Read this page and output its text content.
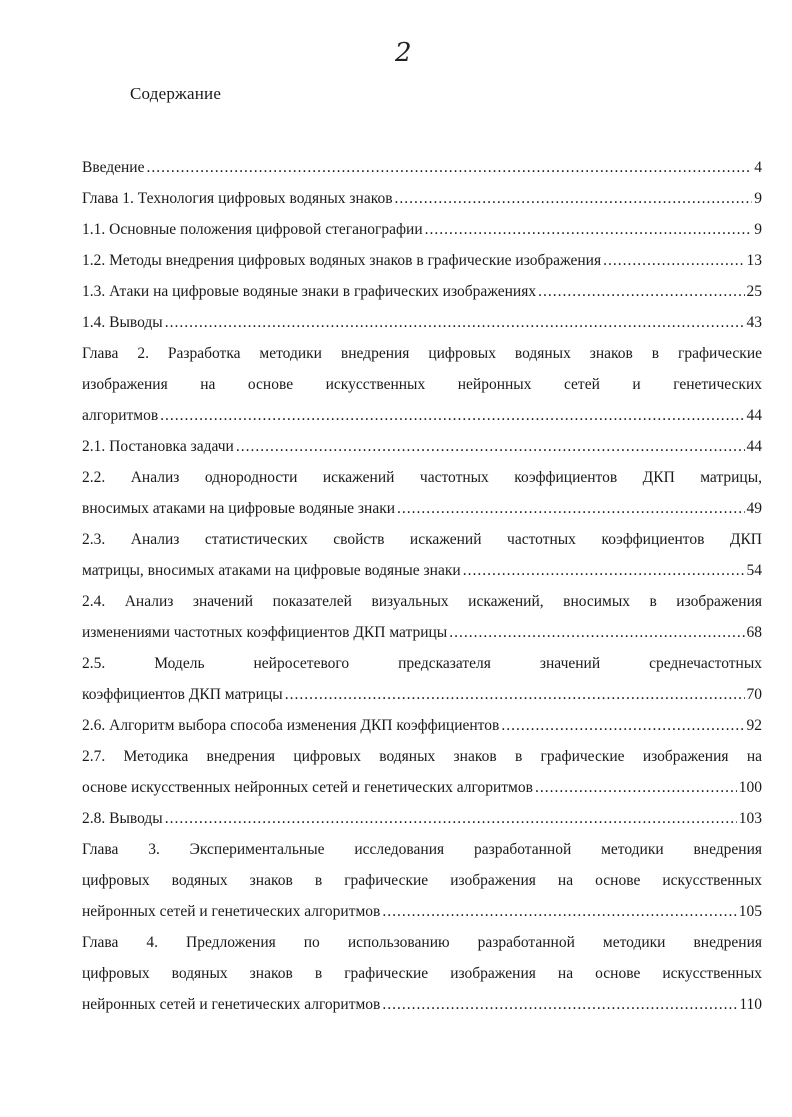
2
Содержание
Введение .....	4
Глава 1. Технология цифровых водяных знаков .....	9
1.1. Основные положения цифровой стеганографии .....	9
1.2. Методы внедрения цифровых водяных знаков в графические изображения .....	13
1.3. Атаки на цифровые водяные знаки в графических изображениях .....	25
1.4. Выводы .....	43
Глава 2. Разработка методики внедрения цифровых водяных знаков в графические
изображения на основе искусственных нейронных сетей и генетических
алгоритмов .....	44
2.1. Постановка задачи .....	44
2.2. Анализ однородности искажений частотных коэффициентов ДКП матрицы,
вносимых атаками на цифровые водяные знаки .....	49
2.3. Анализ статистических свойств искажений частотных коэффициентов ДКП
матрицы, вносимых атаками на цифровые водяные знаки .....	54
2.4. Анализ значений показателей визуальных искажений, вносимых в изображения
изменениями частотных коэффициентов ДКП матрицы .....	68
2.5. Модель нейросетевого предсказателя значений среднечастотных
коэффициентов ДКП матрицы .....	70
2.6. Алгоритм выбора способа изменения ДКП коэффициентов .....	92
2.7. Методика внедрения цифровых водяных знаков в графические изображения на
основе искусственных нейронных сетей и генетических алгоритмов .....	100
2.8. Выводы .....	103
Глава 3. Экспериментальные исследования разработанной методики внедрения
цифровых водяных знаков в графические изображения на основе искусственных
нейронных сетей и генетических алгоритмов .....	105
Глава 4. Предложения по использованию разработанной методики внедрения
цифровых водяных знаков в графические изображения на основе искусственных
нейронных сетей и генетических алгоритмов .....	110
